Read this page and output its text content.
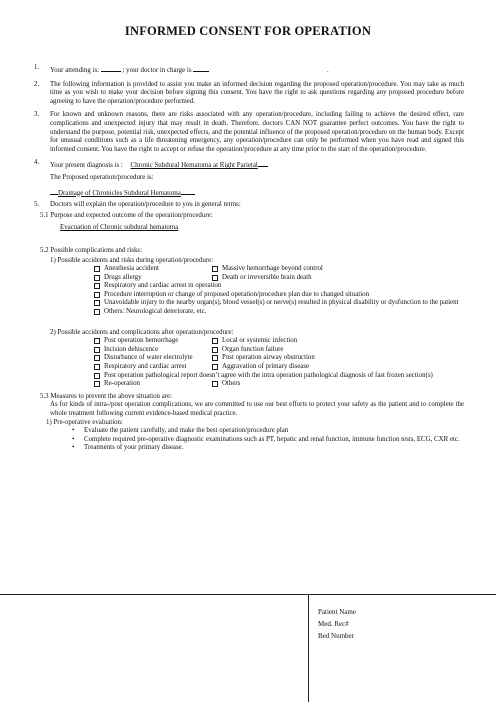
INFORMED CONSENT FOR OPERATION
1.	Your attending is:	; your doctor in charge is	.
2.	The following information is provided to assist you make an informed decision regarding the proposed operation/procedure. You may take as much time as you wish to make your decision before signing this consent. You have the right to ask questions regarding any proposed procedure before agreeing to have the operation/procedure performed.
3.	For known and unknown reasons, there are risks associated with any operation/procedure, including failing to achieve the desired effect, rare complications and unexpected injury that may result in death. Therefore, doctors CAN NOT guarantee perfect outcomes. You have the right to understand the purpose, potential risk, unexpected effects, and the potential influence of the proposed operation/procedure on the human body. Except for unusual conditions such as a life threatening emergency, any operation/procedure can only be performed when you have read and signed this informed consent. You have the right to accept or refuse the operation/procedure at any time prior to the start of the operation/procedure.
4.	Your present diagnosis is : Chronic Subdural Hematoma at Right Parietal
The Proposed operation/procedure is:
Drainage of Chronicles Subdural Hematoma
5.	Doctors will explain the operation/procedure to you in general terms:
5.1 Purpose and expected outcome of the operation/procedure:
Evacuation of Chronic subdural hematoma
5.2 Possible complications and risks:
1) Possible accidents and risks during operation/procedure:
Anesthesia accident	Massive hemorrhage beyond control
Drugs allergy	Death or irreversible brain death
Respiratory and cardiac arrest in operation
Procedure interruption or change of proposed operation/procedure plan due to changed situation
Unavoidable injury to the nearby organ(s), blood vessel(s) or nerve(s) resulted in physical disability or dysfunction to the patient
Others: Neurological deteriorate, etc.
2) Possible accidents and complications after operation/procedure:
Post operation hemorrhage	Local or systemic infection
Incision dehiscence	Organ function failure
Disturbance of water electrolyte	Post operation airway obstruction
Respiratory and cardiac arrest	Aggravation of primary disease
Post operation pathological report doesn’t agree with the intra operation pathological diagnosis of fast frozen section(s)
Re-operation	Others
5.3 Measures to prevent the above situation are:
As for kinds of intra-/post operation complications, we are committed to use our best efforts to protect your safety as the patient and to complete the whole treatment following current evidence-based medical practice.
1) Pre-operative evaluation:
•	Evaluate the patient carefully, and make the best operation/procedure plan
•	Complete required pre-operative diagnostic examinations such as PT, hepatic and renal function, immune function tests, ECG, CXR etc.
•	Treatments of your primary disease.
Patient Name
Med. Rec#
Bed Number
